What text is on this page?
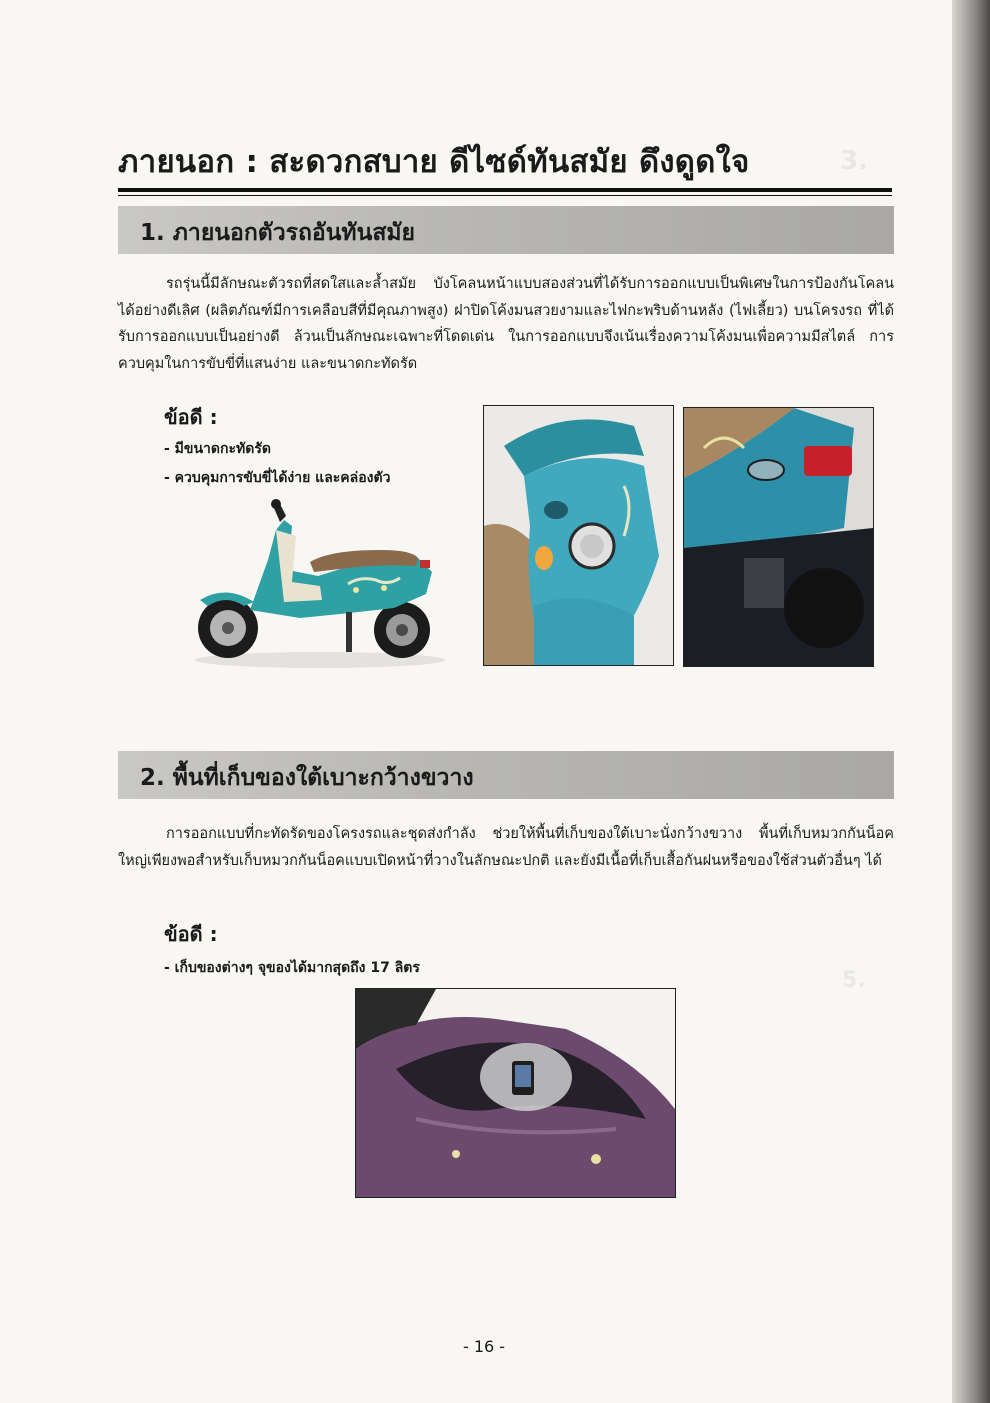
3.
5.
ภายนอก : สะดวกสบาย ดีไซด์ทันสมัย ดึงดูดใจ
1. ภายนอกตัวรถอันทันสมัย

รถรุ่นนี้มีลักษณะตัวรถที่สดใสและล้ำสมัย บังโคลนหน้าแบบสองส่วนที่ได้รับการออกแบบเป็นพิเศษในการป้องกันโคลนได้อย่างดีเลิศ (ผลิตภัณฑ์มีการเคลือบสีที่มีคุณภาพสูง) ฝาปิดโค้งมนสวยงามและไฟกะพริบด้านหลัง (ไฟเลี้ยว) บนโครงรถ ที่ได้รับการออกแบบเป็นอย่างดี ล้วนเป็นลักษณะเฉพาะที่โดดเด่น ในการออกแบบจึงเน้นเรื่องความโค้งมนเพื่อความมีสไตล์ การควบคุมในการขับขี่ที่แสนง่าย และขนาดกะทัดรัด

ข้อดี :
- มีขนาดกะทัดรัด
- ควบคุมการขับขี่ได้ง่าย และคล่องตัว
2. พื้นที่เก็บของใต้เบาะกว้างขวาง

การออกแบบที่กะทัดรัดของโครงรถและชุดส่งกำลัง ช่วยให้พื้นที่เก็บของใต้เบาะนั่งกว้างขวาง พื้นที่เก็บหมวกกันน็อค ใหญ่เพียงพอสำหรับเก็บหมวกกันน็อคแบบเปิดหน้าที่วางในลักษณะปกติ และยังมีเนื้อที่เก็บเสื้อกันฝนหรือของใช้ส่วนตัวอื่นๆ ได้

ข้อดี :
- เก็บของต่างๆ จุของได้มากสุดถึง 17 ลิตร
- 16 -
